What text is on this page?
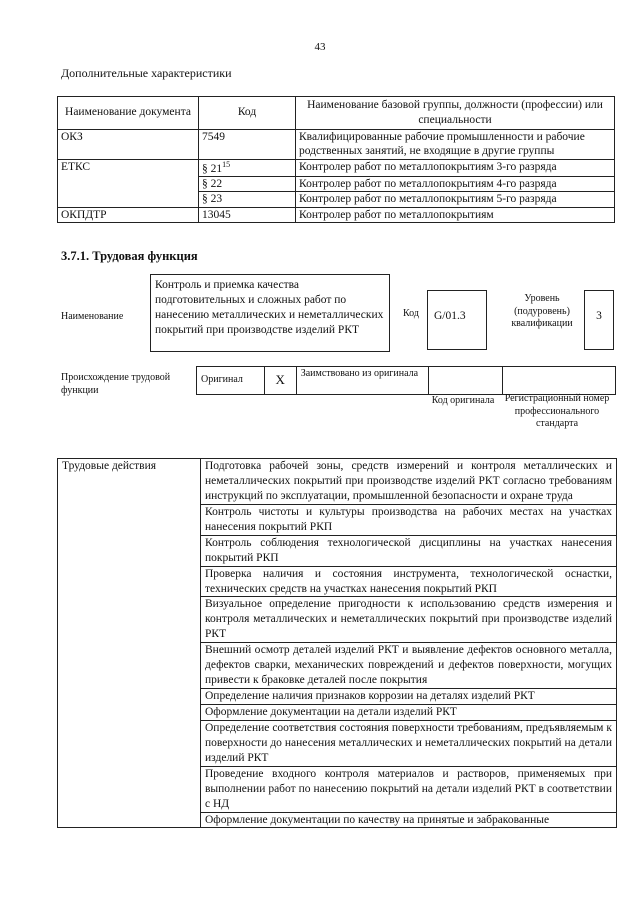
43
Дополнительные характеристики
Наименование документа	Код	Наименование базовой группы, должности (профессии) или специальности
ОКЗ	7549	Квалифицированные рабочие промышленности и рабочие родственных занятий, не входящие в другие группы
ЕТКС	§ $21^{15}$	Контролер работ по металлопокрытиям 3-го разряда
	§ 22	Контролер работ по металлопокрытиям 4-го разряда
	§ 23	Контролер работ по металлопокрытиям 5-го разряда
ОКПДТР	13045	Контролер работ по металлопокрытиям
3.7.1. Трудовая функция
Наименование
Контроль и приемка качества подготовительных и сложных работ по нанесению металлических и неметаллических покрытий при производстве изделий РКТ
Код	G/01.3
Уровень (подуровень) квалификации
3
Происхождение трудовой функции
Оригинал	X	Заимствовано из оригинала		
Код оригинала	Регистрационный номер профессионального стандарта
Трудовые действия	Подготовка рабочей зоны, средств измерений и контроля металлических и неметаллических покрытий при производстве изделий РКТ согласно требованиям инструкций по эксплуатации, промышленной безопасности и охране труда
Контроль чистоты и культуры производства на рабочих местах на участках нанесения покрытий РКП
Контроль соблюдения технологической дисциплины на участках нанесения покрытий РКП
Проверка наличия и состояния инструмента, технологической оснастки, технических средств на участках нанесения покрытий РКП
Визуальное определение пригодности к использованию средств измерения и контроля металлических и неметаллических покрытий при производстве изделий РКТ
Внешний осмотр деталей изделий РКТ и выявление дефектов основного металла, дефектов сварки, механических повреждений и дефектов поверхности, могущих привести к браковке деталей после покрытия
Определение наличия признаков коррозии на деталях изделий РКТ
Оформление документации на детали изделий РКТ
Определение соответствия состояния поверхности требованиям, предъявляемым к поверхности до нанесения металлических и неметаллических покрытий на детали изделий РКТ
Проведение входного контроля материалов и растворов, применяемых при выполнении работ по нанесению покрытий на детали изделий РКТ в соответствии с НД

Оформление документации по качеству на принятые и забракованные
